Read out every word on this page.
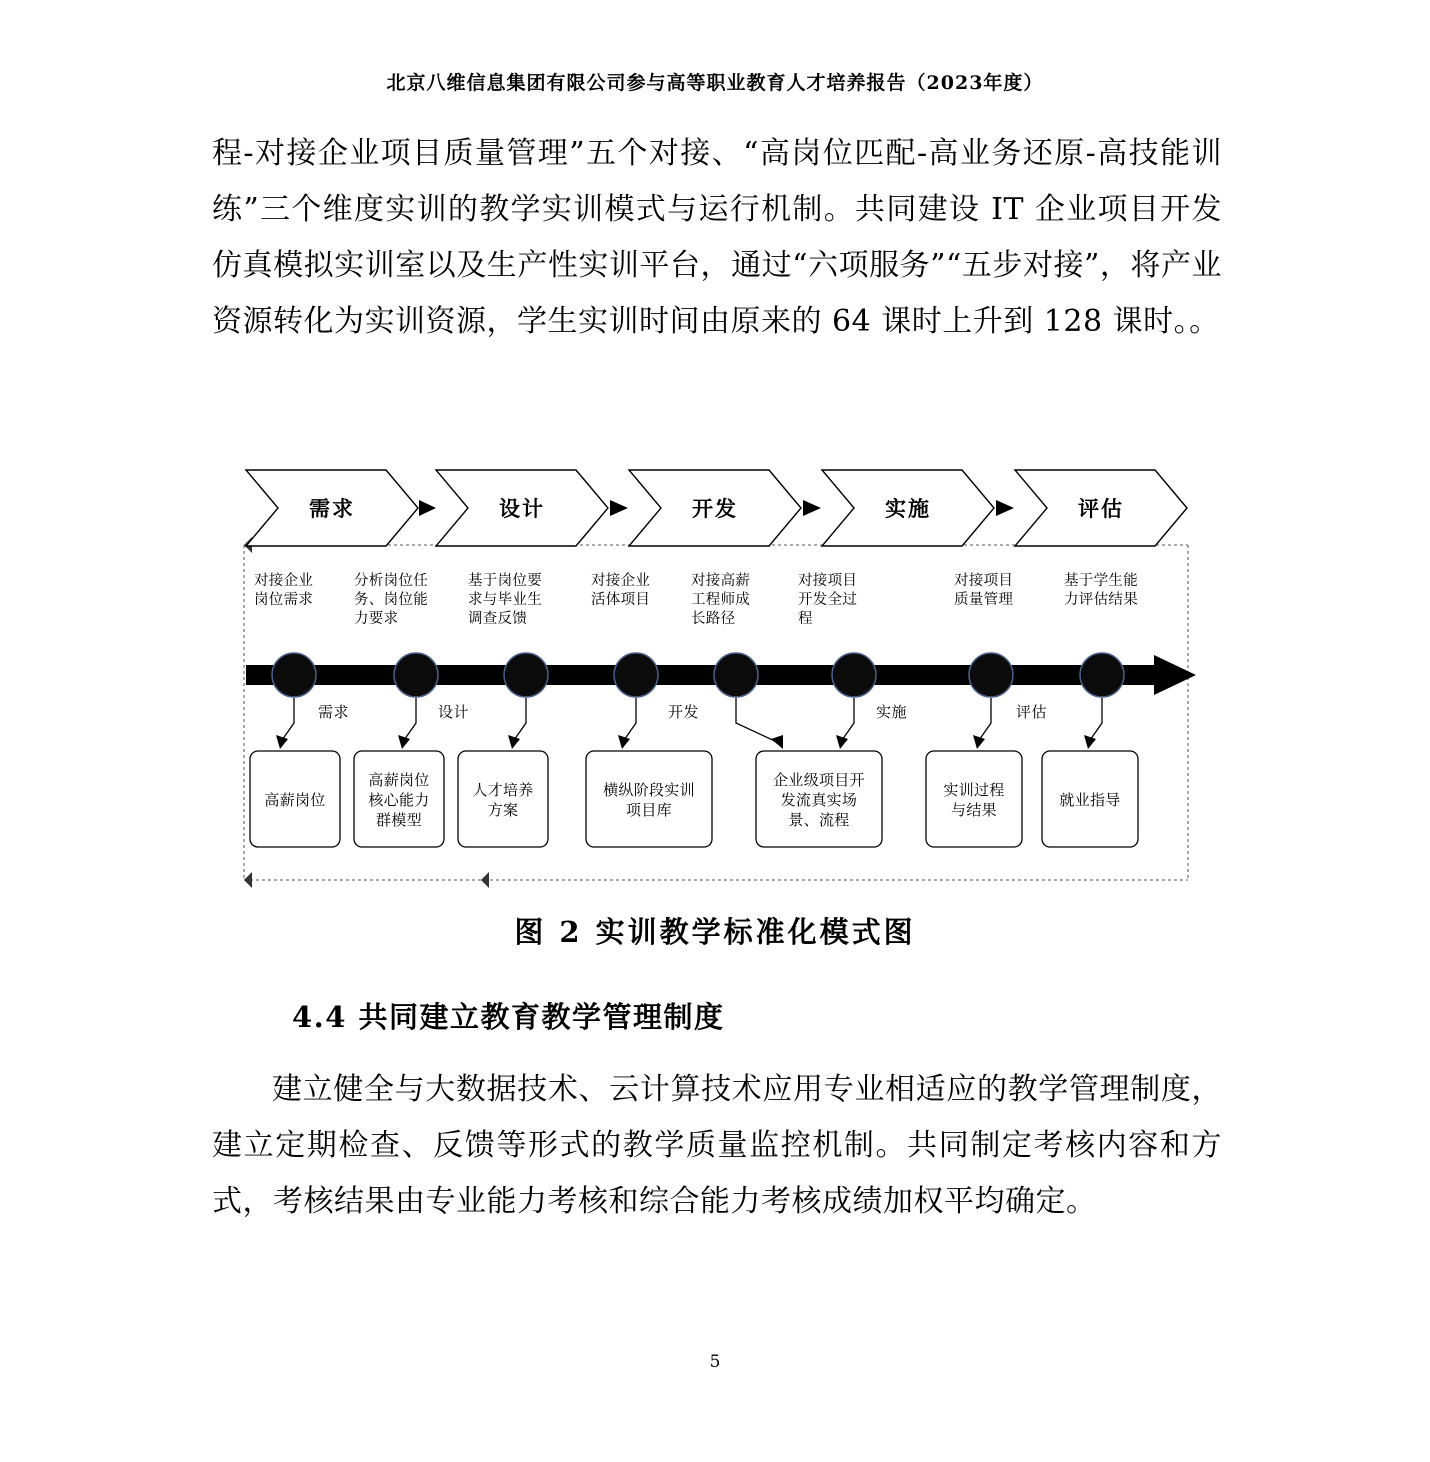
北京八维信息集团有限公司参与高等职业教育人才培养报告（2023年度）
程-对接企业项目质量管理”五个对接、“高岗位匹配-高业务还原-高技能训练”三个维度实训的教学实训模式与运行机制。共同建设 IT 企业项目开发仿真模拟实训室以及生产性实训平台，通过“六项服务”“五步对接”，将产业资源转化为实训资源，学生实训时间由原来的 64 课时上升到 128 课时。。
需求	设计	开发	实施	评估
对接企业
岗位需求
分析岗位任
务、岗位能
力要求
基于岗位要
求与毕业生
调查反馈
对接企业
活体项目
对接高薪
工程师成
长路径
对接项目
开发全过
程
对接项目
质量管理
基于学生能
力评估结果
需求	设计	开发	实施	评估
高薪岗位
高薪岗位
核心能力
群模型
人才培养
方案
横纵阶段实训
项目库
企业级项目开
发流真实场
景、流程
实训过程
与结果
就业指导
图 2 实训教学标准化模式图
4.4 共同建立教育教学管理制度
建立健全与大数据技术、云计算技术应用专业相适应的教学管理制度，建立定期检查、反馈等形式的教学质量监控机制。共同制定考核内容和方式，考核结果由专业能力考核和综合能力考核成绩加权平均确定。
5
